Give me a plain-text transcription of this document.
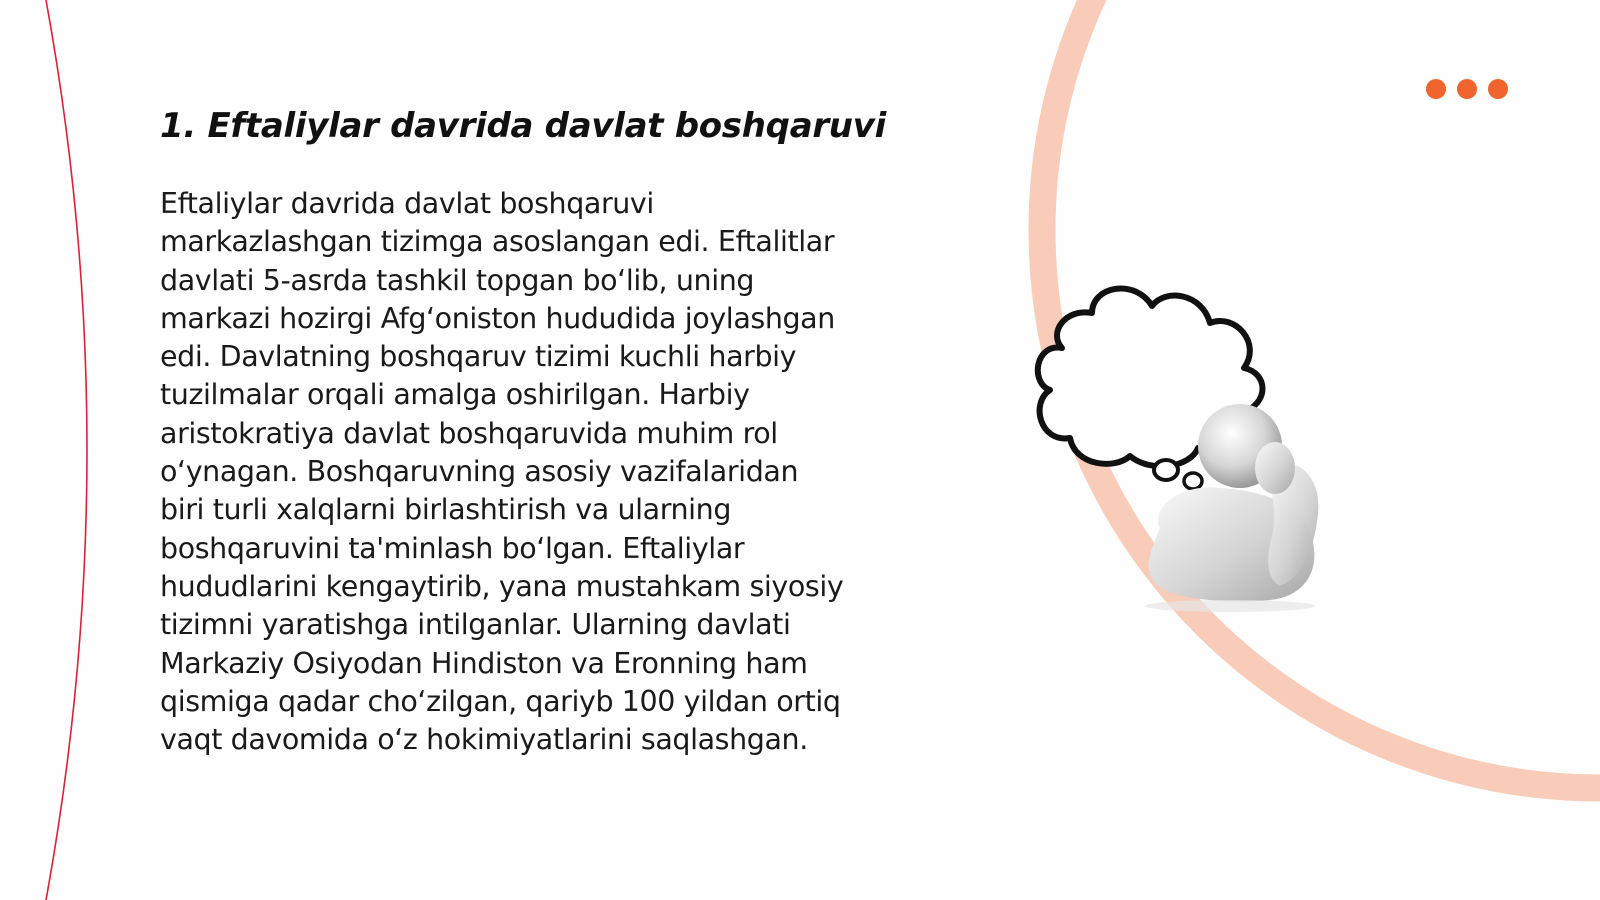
1. Eftaliylar davrida davlat boshqaruvi

Eftaliylar davrida davlat boshqaruvi markazlashgan tizimga asoslangan edi. Eftalitlar davlati 5-asrda tashkil topgan bo‘lib, uning markazi hozirgi Afg‘oniston hududida joylashgan edi. Davlatning boshqaruv tizimi kuchli harbiy tuzilmalar orqali amalga oshirilgan. Harbiy aristokratiya davlat boshqaruvida muhim rol o‘ynagan. Boshqaruvning asosiy vazifalaridan biri turli xalqlarni birlashtirish va ularning boshqaruvini ta'minlash bo‘lgan. Eftaliylar hududlarini kengaytirib, yana mustahkam siyosiy tizimni yaratishga intilganlar. Ularning davlati Markaziy Osiyodan Hindiston va Eronning ham qismiga qadar cho‘zilgan, qariyb 100 yildan ortiq vaqt davomida o‘z hokimiyatlarini saqlashgan.
